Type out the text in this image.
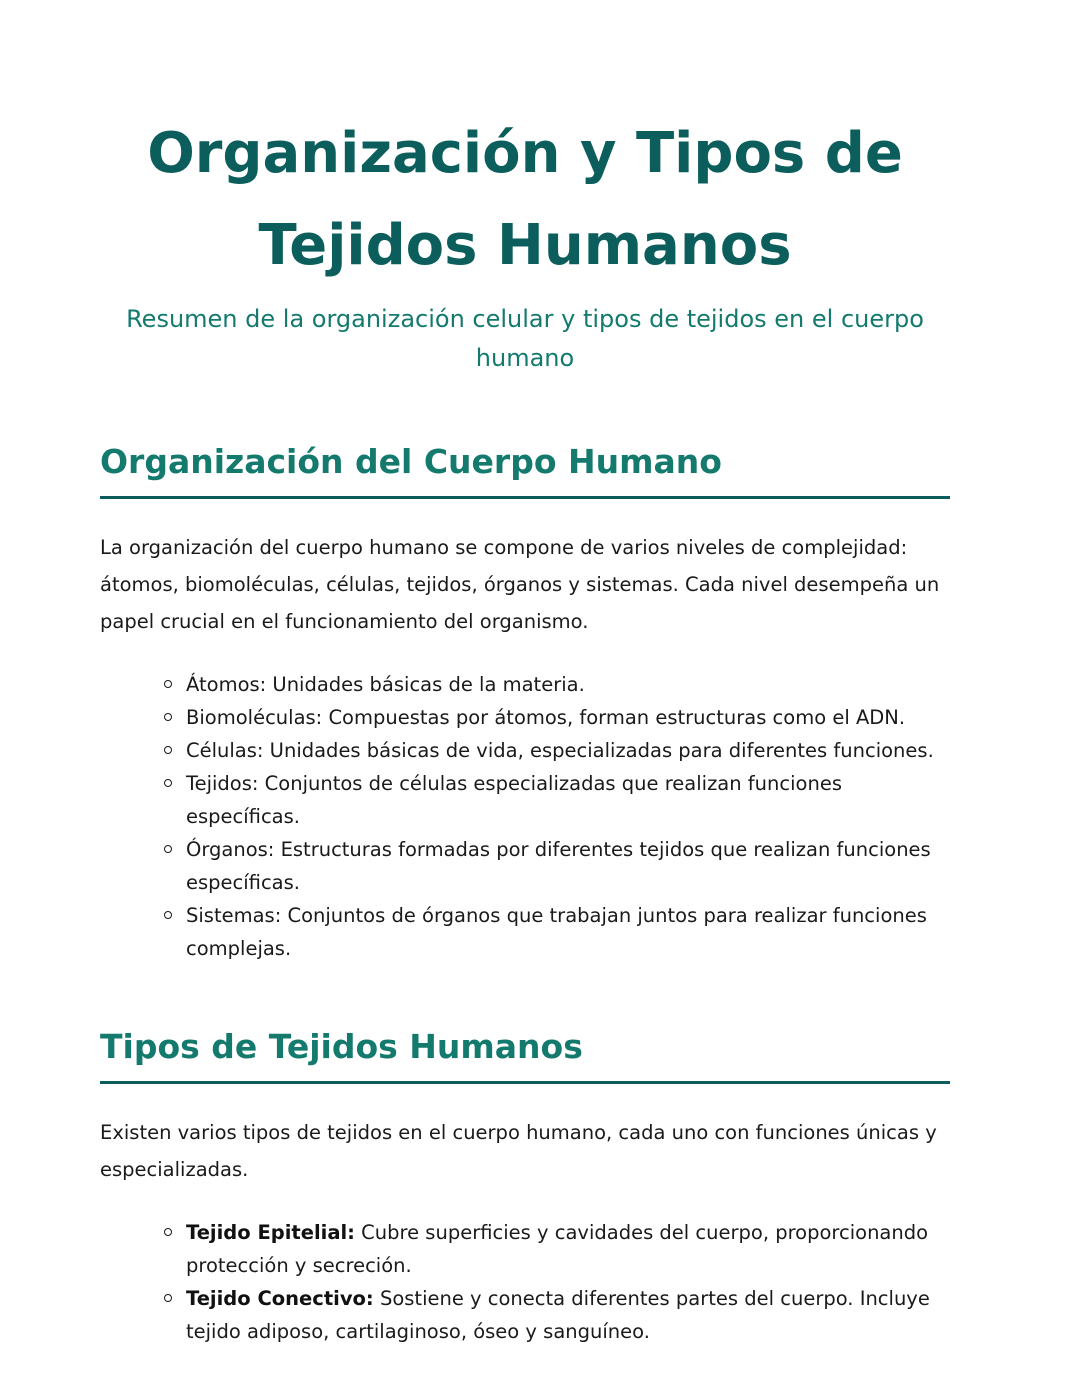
Organización y Tipos de Tejidos Humanos

Resumen de la organización celular y tipos de tejidos en el cuerpo humano

Organización del Cuerpo Humano

La organización del cuerpo humano se compone de varios niveles de complejidad: átomos, biomoléculas, células, tejidos, órganos y sistemas. Cada nivel desempeña un papel crucial en el funcionamiento del organismo.

Átomos: Unidades básicas de la materia.
Biomoléculas: Compuestas por átomos, forman estructuras como el ADN.
Células: Unidades básicas de vida, especializadas para diferentes funciones.
Tejidos: Conjuntos de células especializadas que realizan funciones específicas.
Órganos: Estructuras formadas por diferentes tejidos que realizan funciones específicas.
Sistemas: Conjuntos de órganos que trabajan juntos para realizar funciones complejas.
Tipos de Tejidos Humanos

Existen varios tipos de tejidos en el cuerpo humano, cada uno con funciones únicas y especializadas.

Tejido Epitelial: Cubre superficies y cavidades del cuerpo, proporcionando protección y secreción.
Tejido Conectivo: Sostiene y conecta diferentes partes del cuerpo. Incluye tejido adiposo, cartilaginoso, óseo y sanguíneo.
